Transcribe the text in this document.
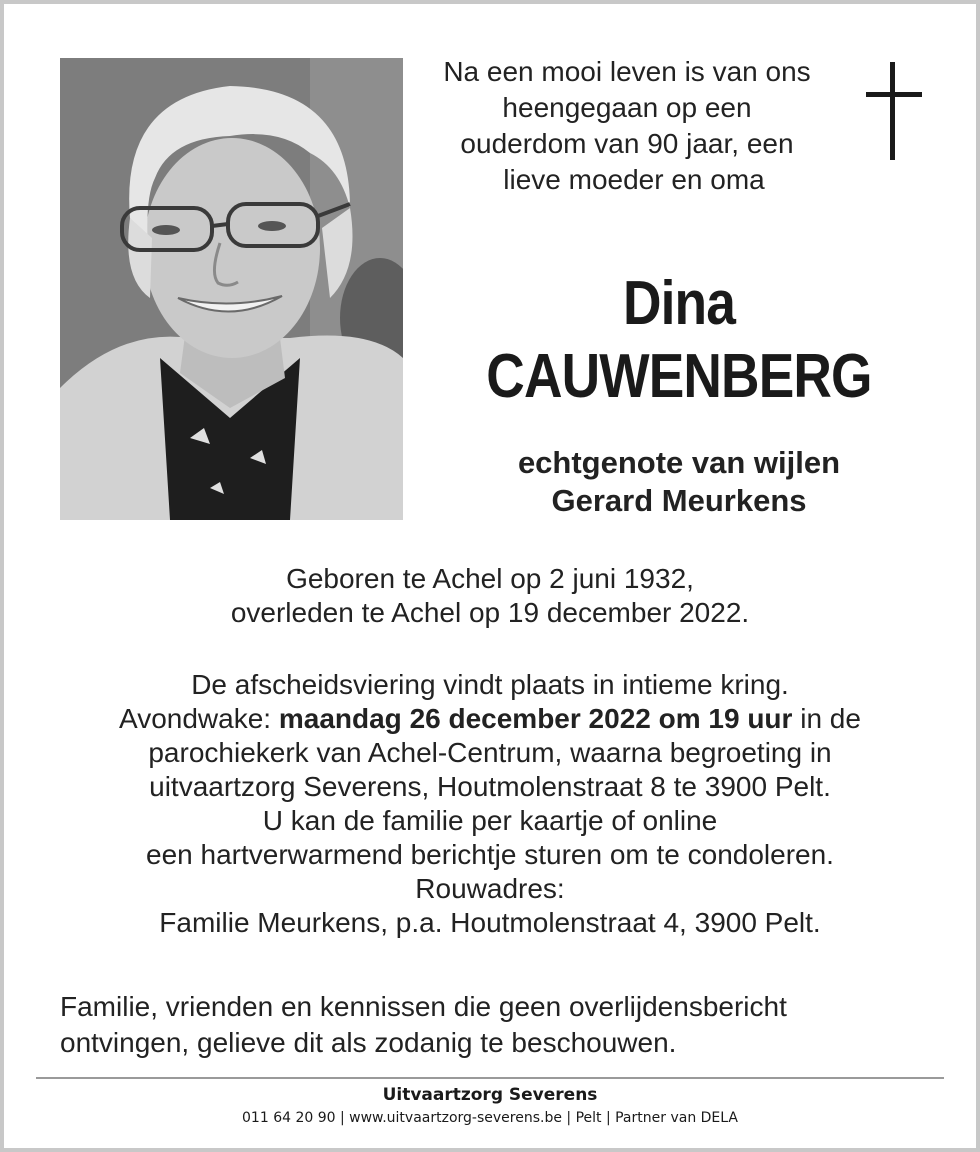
Na een mooi leven is van ons
heengegaan op een
ouderdom van 90 jaar, een
lieve moeder en oma

Dina
CAUWENBERG

echtgenote van wijlen
Gerard Meurkens

Geboren te Achel op 2 juni 1932,
overleden te Achel op 19 december 2022.

De afscheidsviering vindt plaats in intieme kring.
Avondwake: maandag 26 december 2022 om 19 uur in de
parochiekerk van Achel-Centrum, waarna begroeting in
uitvaartzorg Severens, Houtmolenstraat 8 te 3900 Pelt.
U kan de familie per kaartje of online
een hartverwarmend berichtje sturen om te condoleren.
Rouwadres:
Familie Meurkens, p.a. Houtmolenstraat 4, 3900 Pelt.

Familie, vrienden en kennissen die geen overlijdensbericht
ontvingen, gelieve dit als zodanig te beschouwen.

Uitvaartzorg Severens

011 64 20 90 | www.uitvaartzorg-severens.be | Pelt | Partner van DELA
